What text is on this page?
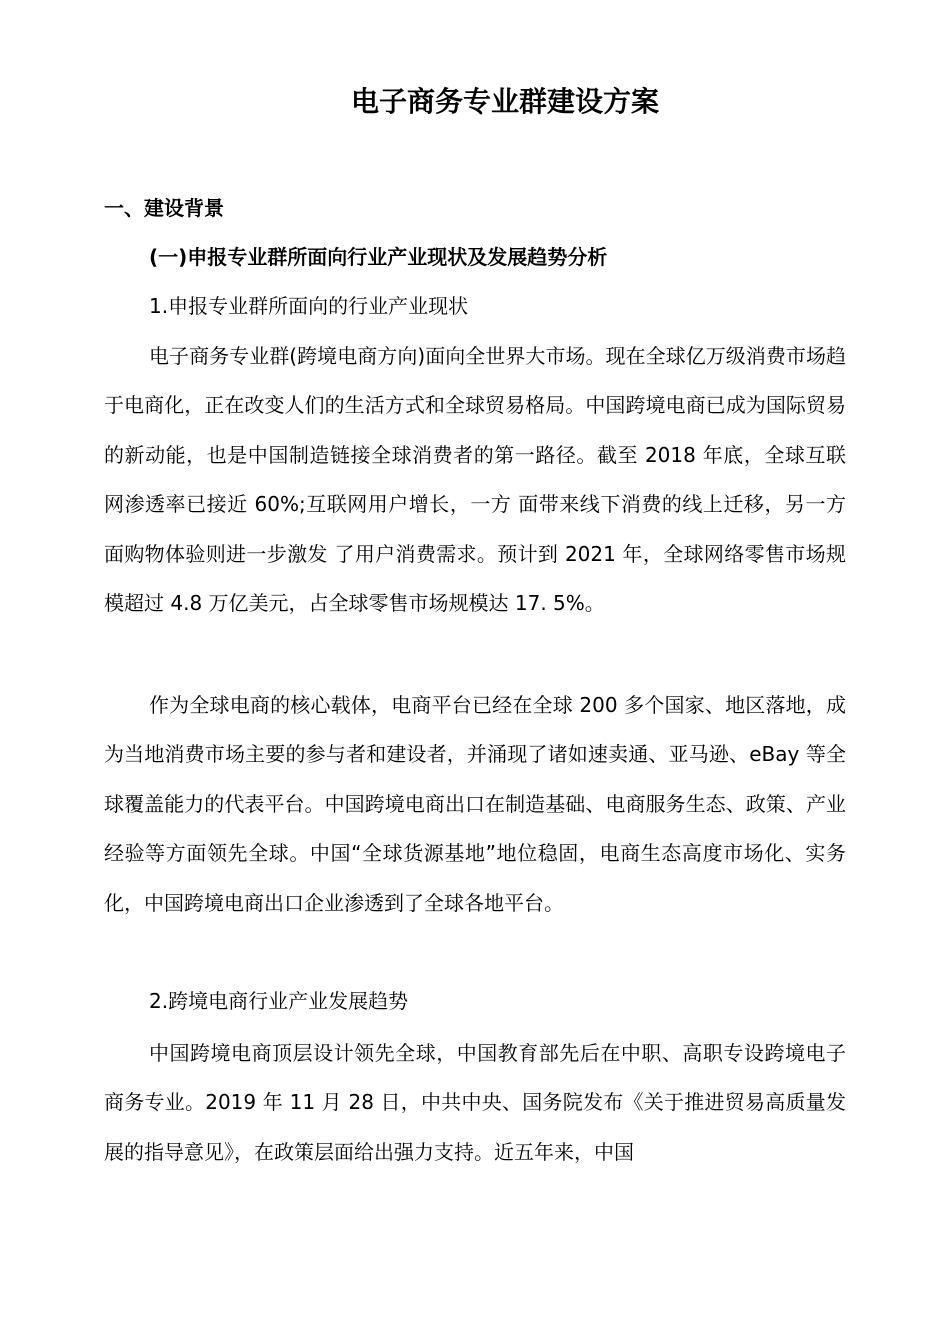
电子商务专业群建设方案
一、建设背景
(一)申报专业群所面向行业产业现状及发展趋势分析

1.申报专业群所面向的行业产业现状

电子商务专业群(跨境电商方向)面向全世界大市场。现在全球亿万级消费市场趋于电商化，正在改变人们的生活方式和全球贸易格局。中国跨境电商已成为国际贸易的新动能，也是中国制造链接全球消费者的第一路径。截至 2018 年底，全球互联网渗透率已接近 60%;互联网用户增长，一方 面带来线下消费的线上迁移，另一方面购物体验则进一步激发 了用户消费需求。预计到 2021 年，全球网络零售市场规模超过 4.8 万亿美元，占全球零售市场规模达 17. 5%。

作为全球电商的核心载体，电商平台已经在全球 200 多个国家、地区落地，成为当地消费市场主要的参与者和建设者，并涌现了诸如速卖通、亚马逊、eBay 等全球覆盖能力的代表平台。中国跨境电商出口在制造基础、电商服务生态、政策、产业经验等方面领先全球。中国“全球货源基地”地位稳固，电商生态高度市场化、实务化，中国跨境电商出口企业渗透到了全球各地平台。

2.跨境电商行业产业发展趋势

中国跨境电商顶层设计领先全球，中国教育部先后在中职、高职专设跨境电子商务专业。2019 年 11 月 28 日，中共中央、国务院发布《关于推进贸易高质量发展的指导意见》，在政策层面给出强力支持。近五年来，中国
